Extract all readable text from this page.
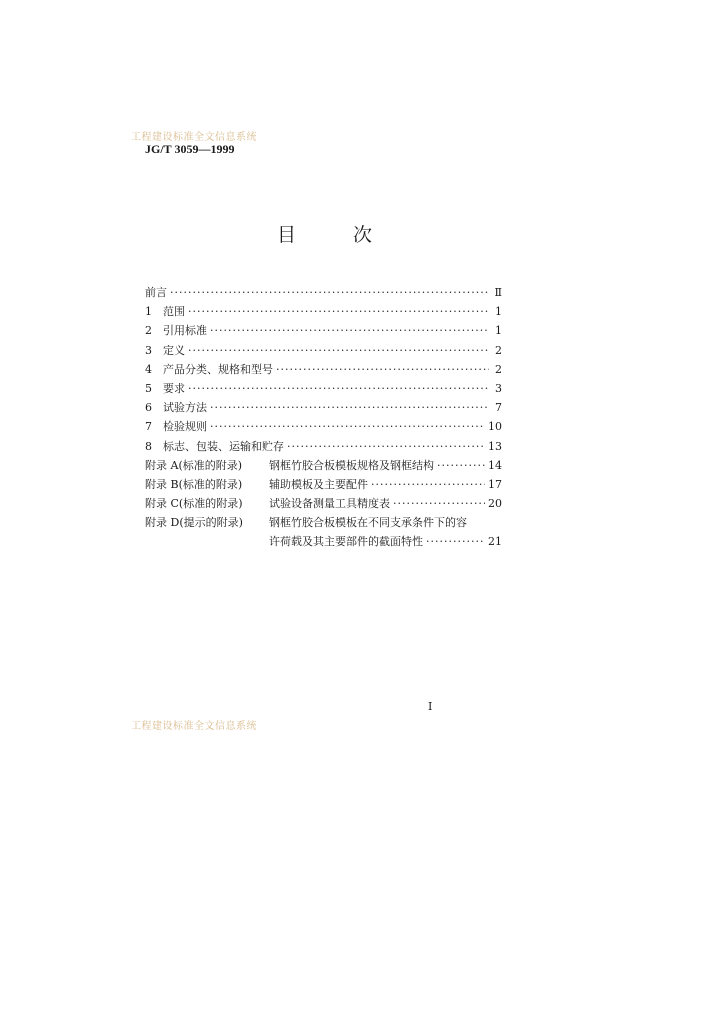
工程建设标准全文信息系统
JG/T 3059—1999
目	次
前言 ·····	Ⅱ
1	范围 ·····	1
2	引用标准 ·····	1
3	定义 ·····	2
4	产品分类、规格和型号 ·····	2
5	要求 ·····	3
6	试验方法 ·····	7
7	检验规则 ·····	10
8	标志、包装、运输和贮存 ·····	13
附录 A(标准的附录)	钢框竹胶合板模板规格及钢框结构 ·····	14
附录 B(标准的附录)	辅助模板及主要配件 ·····	17
附录 C(标准的附录)	试验设备测量工具精度表 ·····	20
附录 D(提示的附录)	钢框竹胶合板模板在不同支承条件下的容
许荷载及其主要部件的截面特性 ·····	21
I
工程建设标准全文信息系统
